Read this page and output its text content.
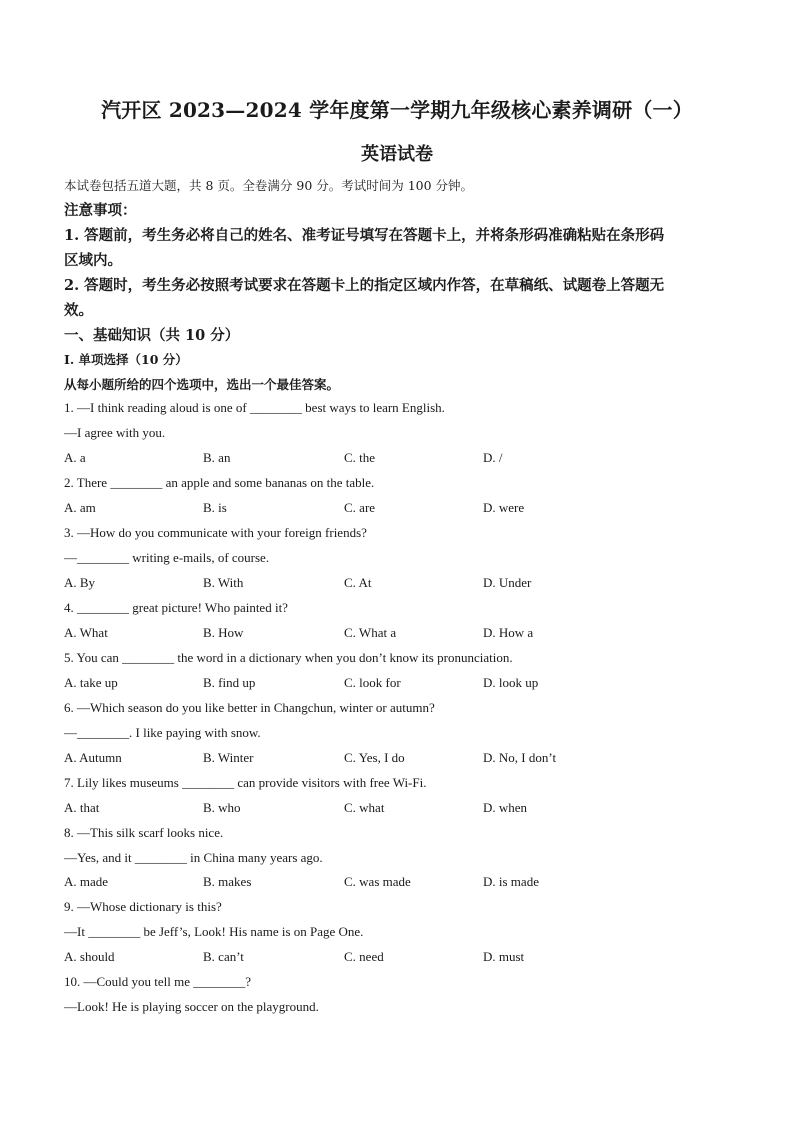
汽开区 2023—2024 学年度第一学期九年级核心素养调研（一）
英语试卷
本试卷包括五道大题，共 8 页。全卷满分 90 分。考试时间为 100 分钟。
注意事项：
1. 答题前，考生务必将自己的姓名、准考证号填写在答题卡上，并将条形码准确粘贴在条形码
区域内。
2. 答题时，考生务必按照考试要求在答题卡上的指定区域内作答，在草稿纸、试题卷上答题无
效。
一、基础知识（共 10 分）
Ⅰ. 单项选择（10 分）
从每小题所给的四个选项中，选出一个最佳答案。
1. —I think reading aloud is one of ________ best ways to learn English.
—I agree with you.
A. a	B. an	C. the	D. /
2. There ________ an apple and some bananas on the table.
A. am	B. is	C. are	D. were
3. —How do you communicate with your foreign friends?
—________ writing e-mails, of course.
A. By	B. With	C. At	D. Under
4. ________ great picture! Who painted it?
A. What	B. How	C. What a	D. How a
5. You can ________ the word in a dictionary when you don’t know its pronunciation.
A. take up	B. find up	C. look for	D. look up
6. —Which season do you like better in Changchun, winter or autumn?
—________. I like paying with snow.
A. Autumn	B. Winter	C. Yes, I do	D. No, I don’t
7. Lily likes museums ________ can provide visitors with free Wi-Fi.
A. that	B. who	C. what	D. when
8. —This silk scarf looks nice.
—Yes, and it ________ in China many years ago.
A. made	B. makes	C. was made	D. is made
9. —Whose dictionary is this?
—It ________ be Jeff’s, Look! His name is on Page One.
A. should	B. can’t	C. need	D. must
10. —Could you tell me ________?
—Look! He is playing soccer on the playground.
